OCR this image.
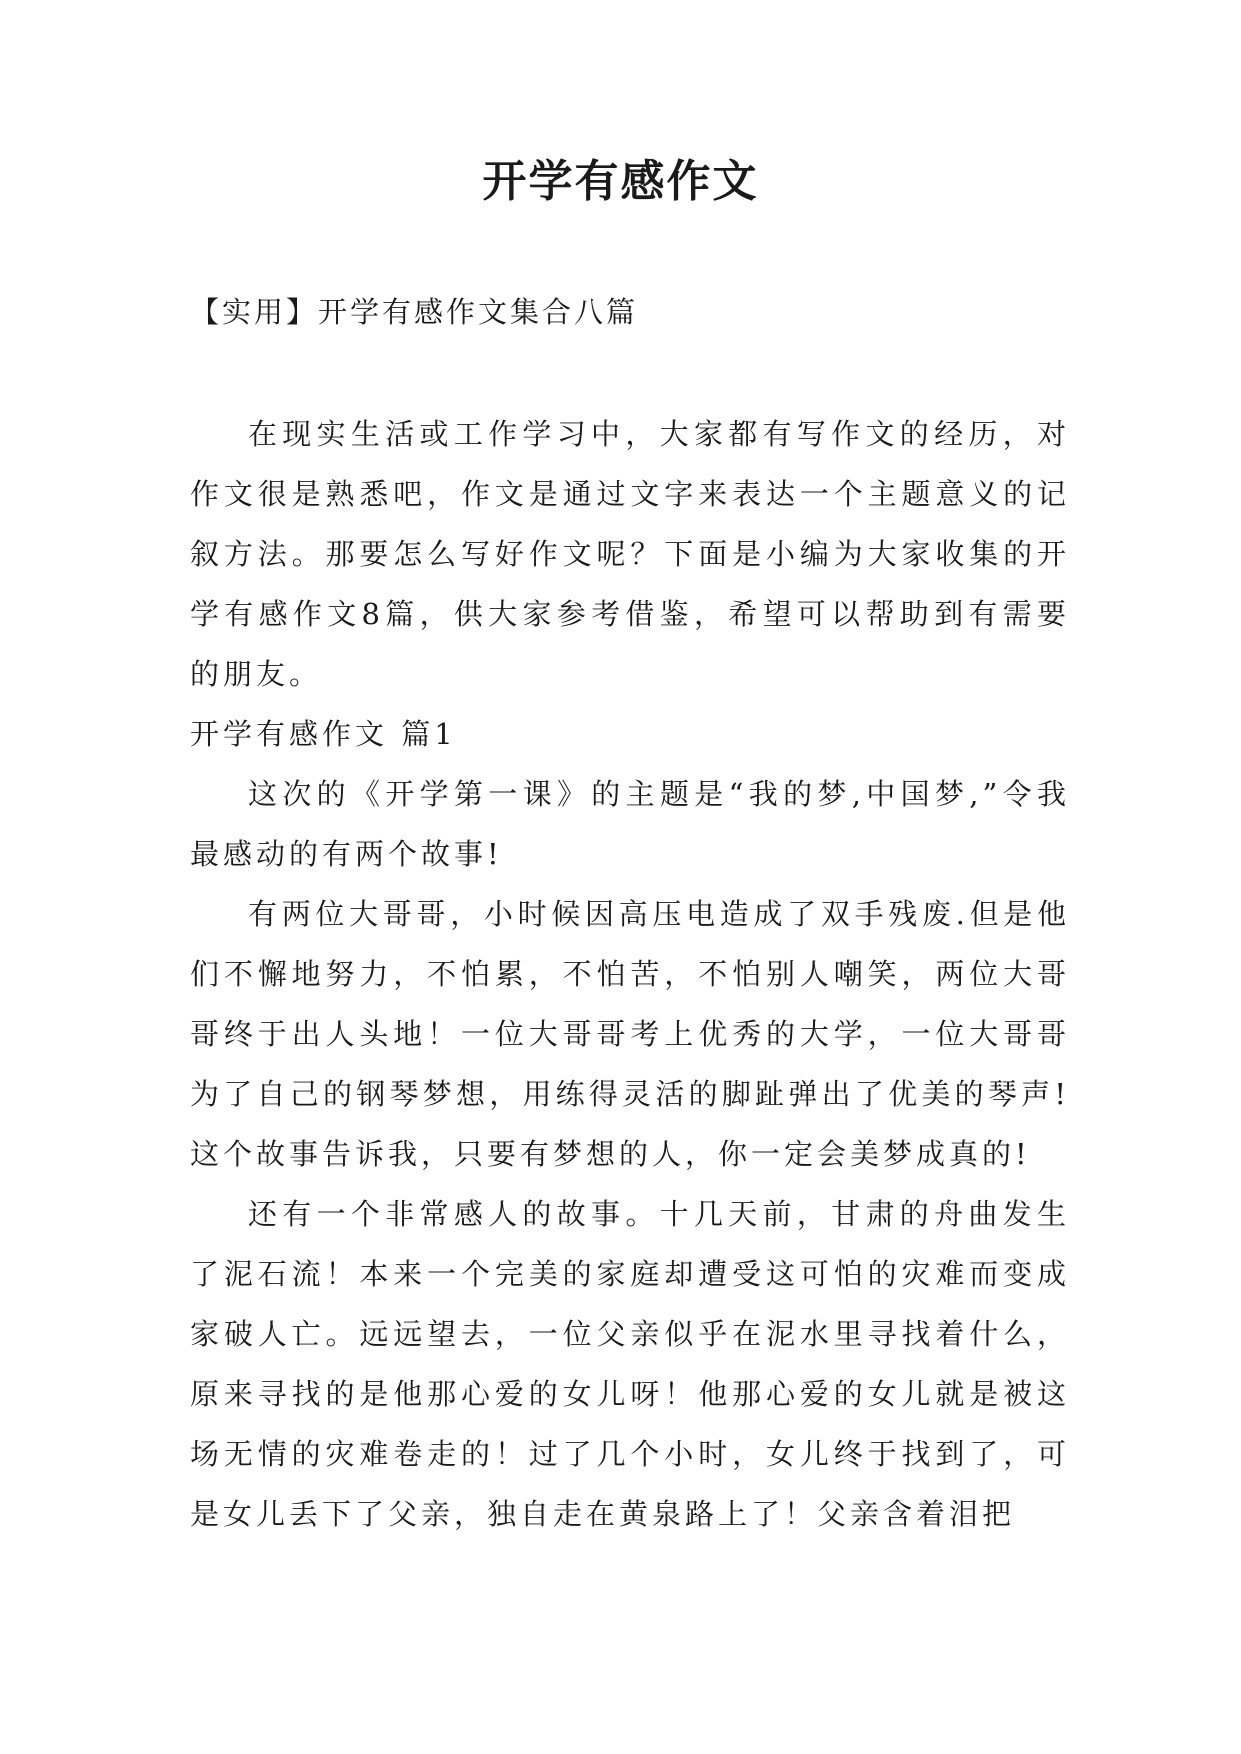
开学有感作文
【实用】开学有感作文集合八篇

在现实生活或工作学习中，大家都有写作文的经历，对作文很是熟悉吧，作文是通过文字来表达一个主题意义的记叙方法。那要怎么写好作文呢？下面是小编为大家收集的开学有感作文8篇，供大家参考借鉴，希望可以帮助到有需要的朋友。

开学有感作文 篇1

这次的《开学第一课》的主题是“我的梦,中国梦,”令我最感动的有两个故事!

有两位大哥哥，小时候因高压电造成了双手残废.但是他们不懈地努力，不怕累，不怕苦，不怕别人嘲笑，两位大哥哥终于出人头地！一位大哥哥考上优秀的大学，一位大哥哥为了自己的钢琴梦想，用练得灵活的脚趾弹出了优美的琴声!这个故事告诉我，只要有梦想的人，你一定会美梦成真的!

还有一个非常感人的故事。十几天前，甘肃的舟曲发生了泥石流！本来一个完美的家庭却遭受这可怕的灾难而变成家破人亡。远远望去，一位父亲似乎在泥水里寻找着什么，原来寻找的是他那心爱的女儿呀！他那心爱的女儿就是被这场无情的灾难卷走的！过了几个小时，女儿终于找到了，可是女儿丢下了父亲，独自走在黄泉路上了！父亲含着泪把
